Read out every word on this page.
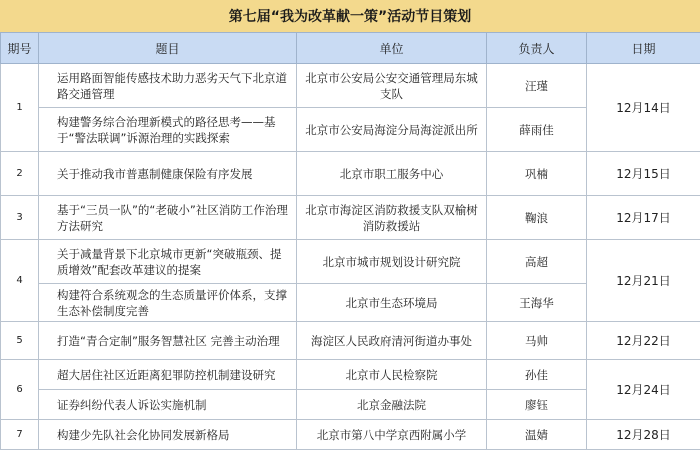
第七届“我为改革献一策”活动节目策划
期号	题目	单位	负责人	日期
1	运用路面智能传感技术助力恶劣天气下北京道路交通管理	北京市公安局公安交通管理局东城支队	汪瑾	12月14日
	构建警务综合治理新模式的路径思考——基于“警法联调”诉源治理的实践探索	北京市公安局海淀分局海淀派出所	薛雨佳	
2	关于推动我市普惠制健康保险有序发展	北京市职工服务中心	巩楠	12月15日
3	基于“三员一队”的“老破小”社区消防工作治理方法研究	北京市海淀区消防救援支队双榆树 消防救援站	鞠浪	12月17日
4	关于减量背景下北京城市更新“突破瓶颈、提质增效”配套改革建议的提案	北京市城市规划设计研究院	高超	12月21日
	构建符合系统观念的生态质量评价体系，支撑生态补偿制度完善	北京市生态环境局	王海华	
5	打造“青合定制”服务智慧社区 完善主动治理	海淀区人民政府清河街道办事处	马帅	12月22日
6	超大居住社区近距离犯罪防控机制建设研究	北京市人民检察院	孙佳	12月24日
	证券纠纷代表人诉讼实施机制	北京金融法院	廖钰	
7	构建少先队社会化协同发展新格局	北京市第八中学京西附属小学	温婧	12月28日
